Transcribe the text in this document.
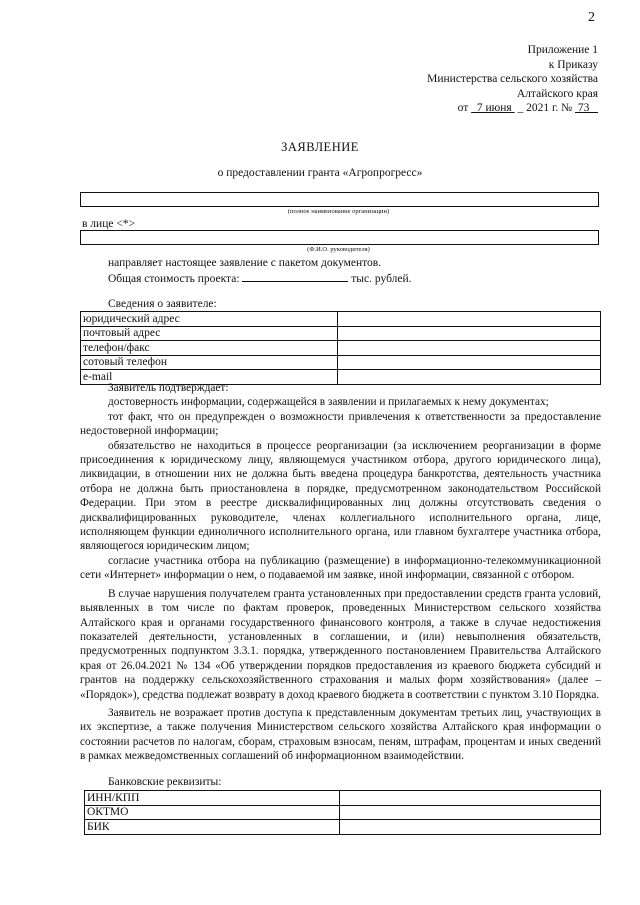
2
Приложение 1
к Приказу
Министерства сельского хозяйства
Алтайского края
от 7 июня _ 2021 г. № 73
ЗАЯВЛЕНИЕ
о предоставлении гранта «Агропрогресс»
(полное наименование организации)
в лице <*>
(Ф.И.О. руководителя)
направляет настоящее заявление с пакетом документов.
Общая стоимость проекта:	тыс. рублей.
Сведения о заявителе:
юридический адрес	
почтовый адрес	
телефон/факс	
сотовый телефон	
e-mail	

Заявитель подтверждает:

достоверность информации, содержащейся в заявлении и прилагаемых к нему документах;

тот факт, что он предупрежден о возможности привлечения к ответственности за предоставление недостоверной информации;

обязательство не находиться в процессе реорганизации (за исключением реорганизации в форме присоединения к юридическому лицу, являющемуся участником отбора, другого юридического лица), ликвидации, в отношении них не должна быть введена процедура банкротства, деятельность участника отбора не должна быть приостановлена в порядке, предусмотренном законодательством Российской Федерации. При этом в реестре дисквалифицированных лиц должны отсутствовать сведения о дисквалифицированных руководителе, членах коллегиального исполнительного органа, лице, исполняющем функции единоличного исполнительного органа, или главном бухгалтере участника отбора, являющегося юридическим лицом;

согласие участника отбора на публикацию (размещение) в информационно-телекоммуникационной сети «Интернет» информации о нем, о подаваемой им заявке, иной информации, связанной с отбором.

В случае нарушения получателем гранта установленных при предоставлении средств гранта условий, выявленных в том числе по фактам проверок, проведенных Министерством сельского хозяйства Алтайского края и органами государственного финансового контроля, а также в случае недостижения показателей деятельности, установленных в соглашении, и (или) невыполнения обязательств, предусмотренных подпунктом 3.3.1. порядка, утвержденного постановлением Правительства Алтайского края от 26.04.2021 № 134 «Об утверждении порядков предоставления из краевого бюджета субсидий и грантов на поддержку сельскохозяйственного страхования и малых форм хозяйствования» (далее – «Порядок»), средства подлежат возврату в доход краевого бюджета в соответствии с пунктом 3.10 Порядка.

Заявитель не возражает против доступа к представленным документам третьих лиц, участвующих в их экспертизе, а также получения Министерством сельского хозяйства Алтайского края информации о состоянии расчетов по налогам, сборам, страховым взносам, пеням, штрафам, процентам и иных сведений в рамках межведомственных соглашений об информационном взаимодействии.

Банковские реквизиты:
ИНН/КПП	
ОКТМО	
БИК	
